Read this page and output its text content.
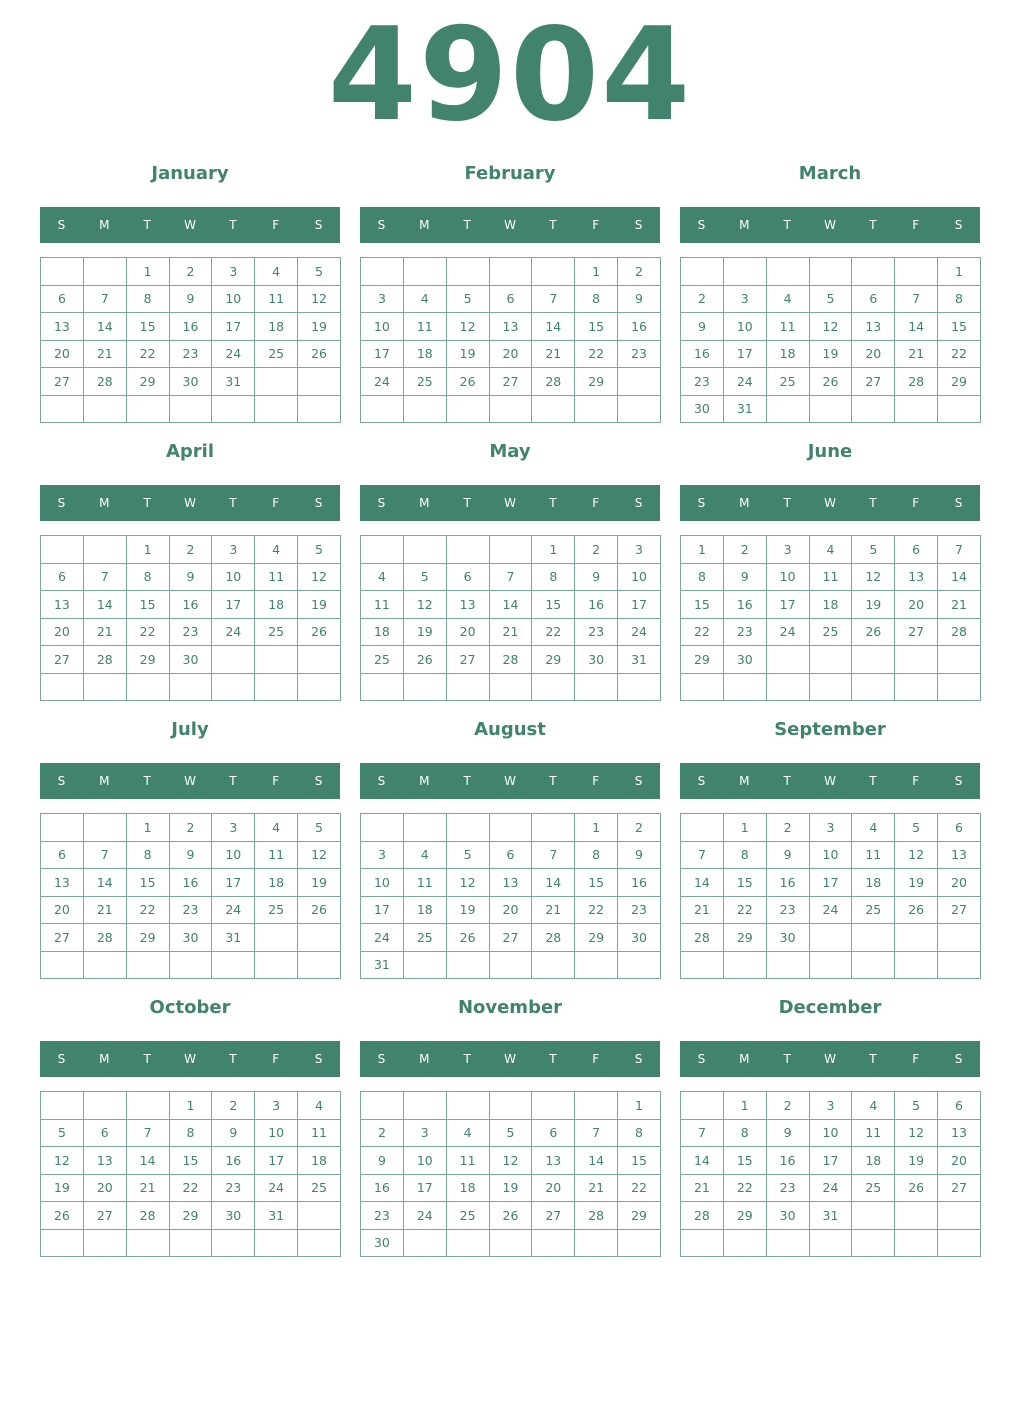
4904
January
S	M	T	W	T	F	S
		1	2	3	4	5
6	7	8	9	10	11	12
13	14	15	16	17	18	19
20	21	22	23	24	25	26
27	28	29	30	31		

February
S	M	T	W	T	F	S
					1	2
3	4	5	6	7	8	9
10	11	12	13	14	15	16
17	18	19	20	21	22	23
24	25	26	27	28	29	

March
S	M	T	W	T	F	S
						1
2	3	4	5	6	7	8
9	10	11	12	13	14	15
16	17	18	19	20	21	22
23	24	25	26	27	28	29
30	31					
April
S	M	T	W	T	F	S
		1	2	3	4	5
6	7	8	9	10	11	12
13	14	15	16	17	18	19
20	21	22	23	24	25	26
27	28	29	30			

May
S	M	T	W	T	F	S
				1	2	3
4	5	6	7	8	9	10
11	12	13	14	15	16	17
18	19	20	21	22	23	24
25	26	27	28	29	30	31

June
S	M	T	W	T	F	S
1	2	3	4	5	6	7
8	9	10	11	12	13	14
15	16	17	18	19	20	21
22	23	24	25	26	27	28
29	30					

July
S	M	T	W	T	F	S
		1	2	3	4	5
6	7	8	9	10	11	12
13	14	15	16	17	18	19
20	21	22	23	24	25	26
27	28	29	30	31		

August
S	M	T	W	T	F	S
					1	2
3	4	5	6	7	8	9
10	11	12	13	14	15	16
17	18	19	20	21	22	23
24	25	26	27	28	29	30
31						
September
S	M	T	W	T	F	S
	1	2	3	4	5	6
7	8	9	10	11	12	13
14	15	16	17	18	19	20
21	22	23	24	25	26	27
28	29	30				

October
S	M	T	W	T	F	S
			1	2	3	4
5	6	7	8	9	10	11
12	13	14	15	16	17	18
19	20	21	22	23	24	25
26	27	28	29	30	31	

November
S	M	T	W	T	F	S
						1
2	3	4	5	6	7	8
9	10	11	12	13	14	15
16	17	18	19	20	21	22
23	24	25	26	27	28	29
30						
December
S	M	T	W	T	F	S
	1	2	3	4	5	6
7	8	9	10	11	12	13
14	15	16	17	18	19	20
21	22	23	24	25	26	27
28	29	30	31			
